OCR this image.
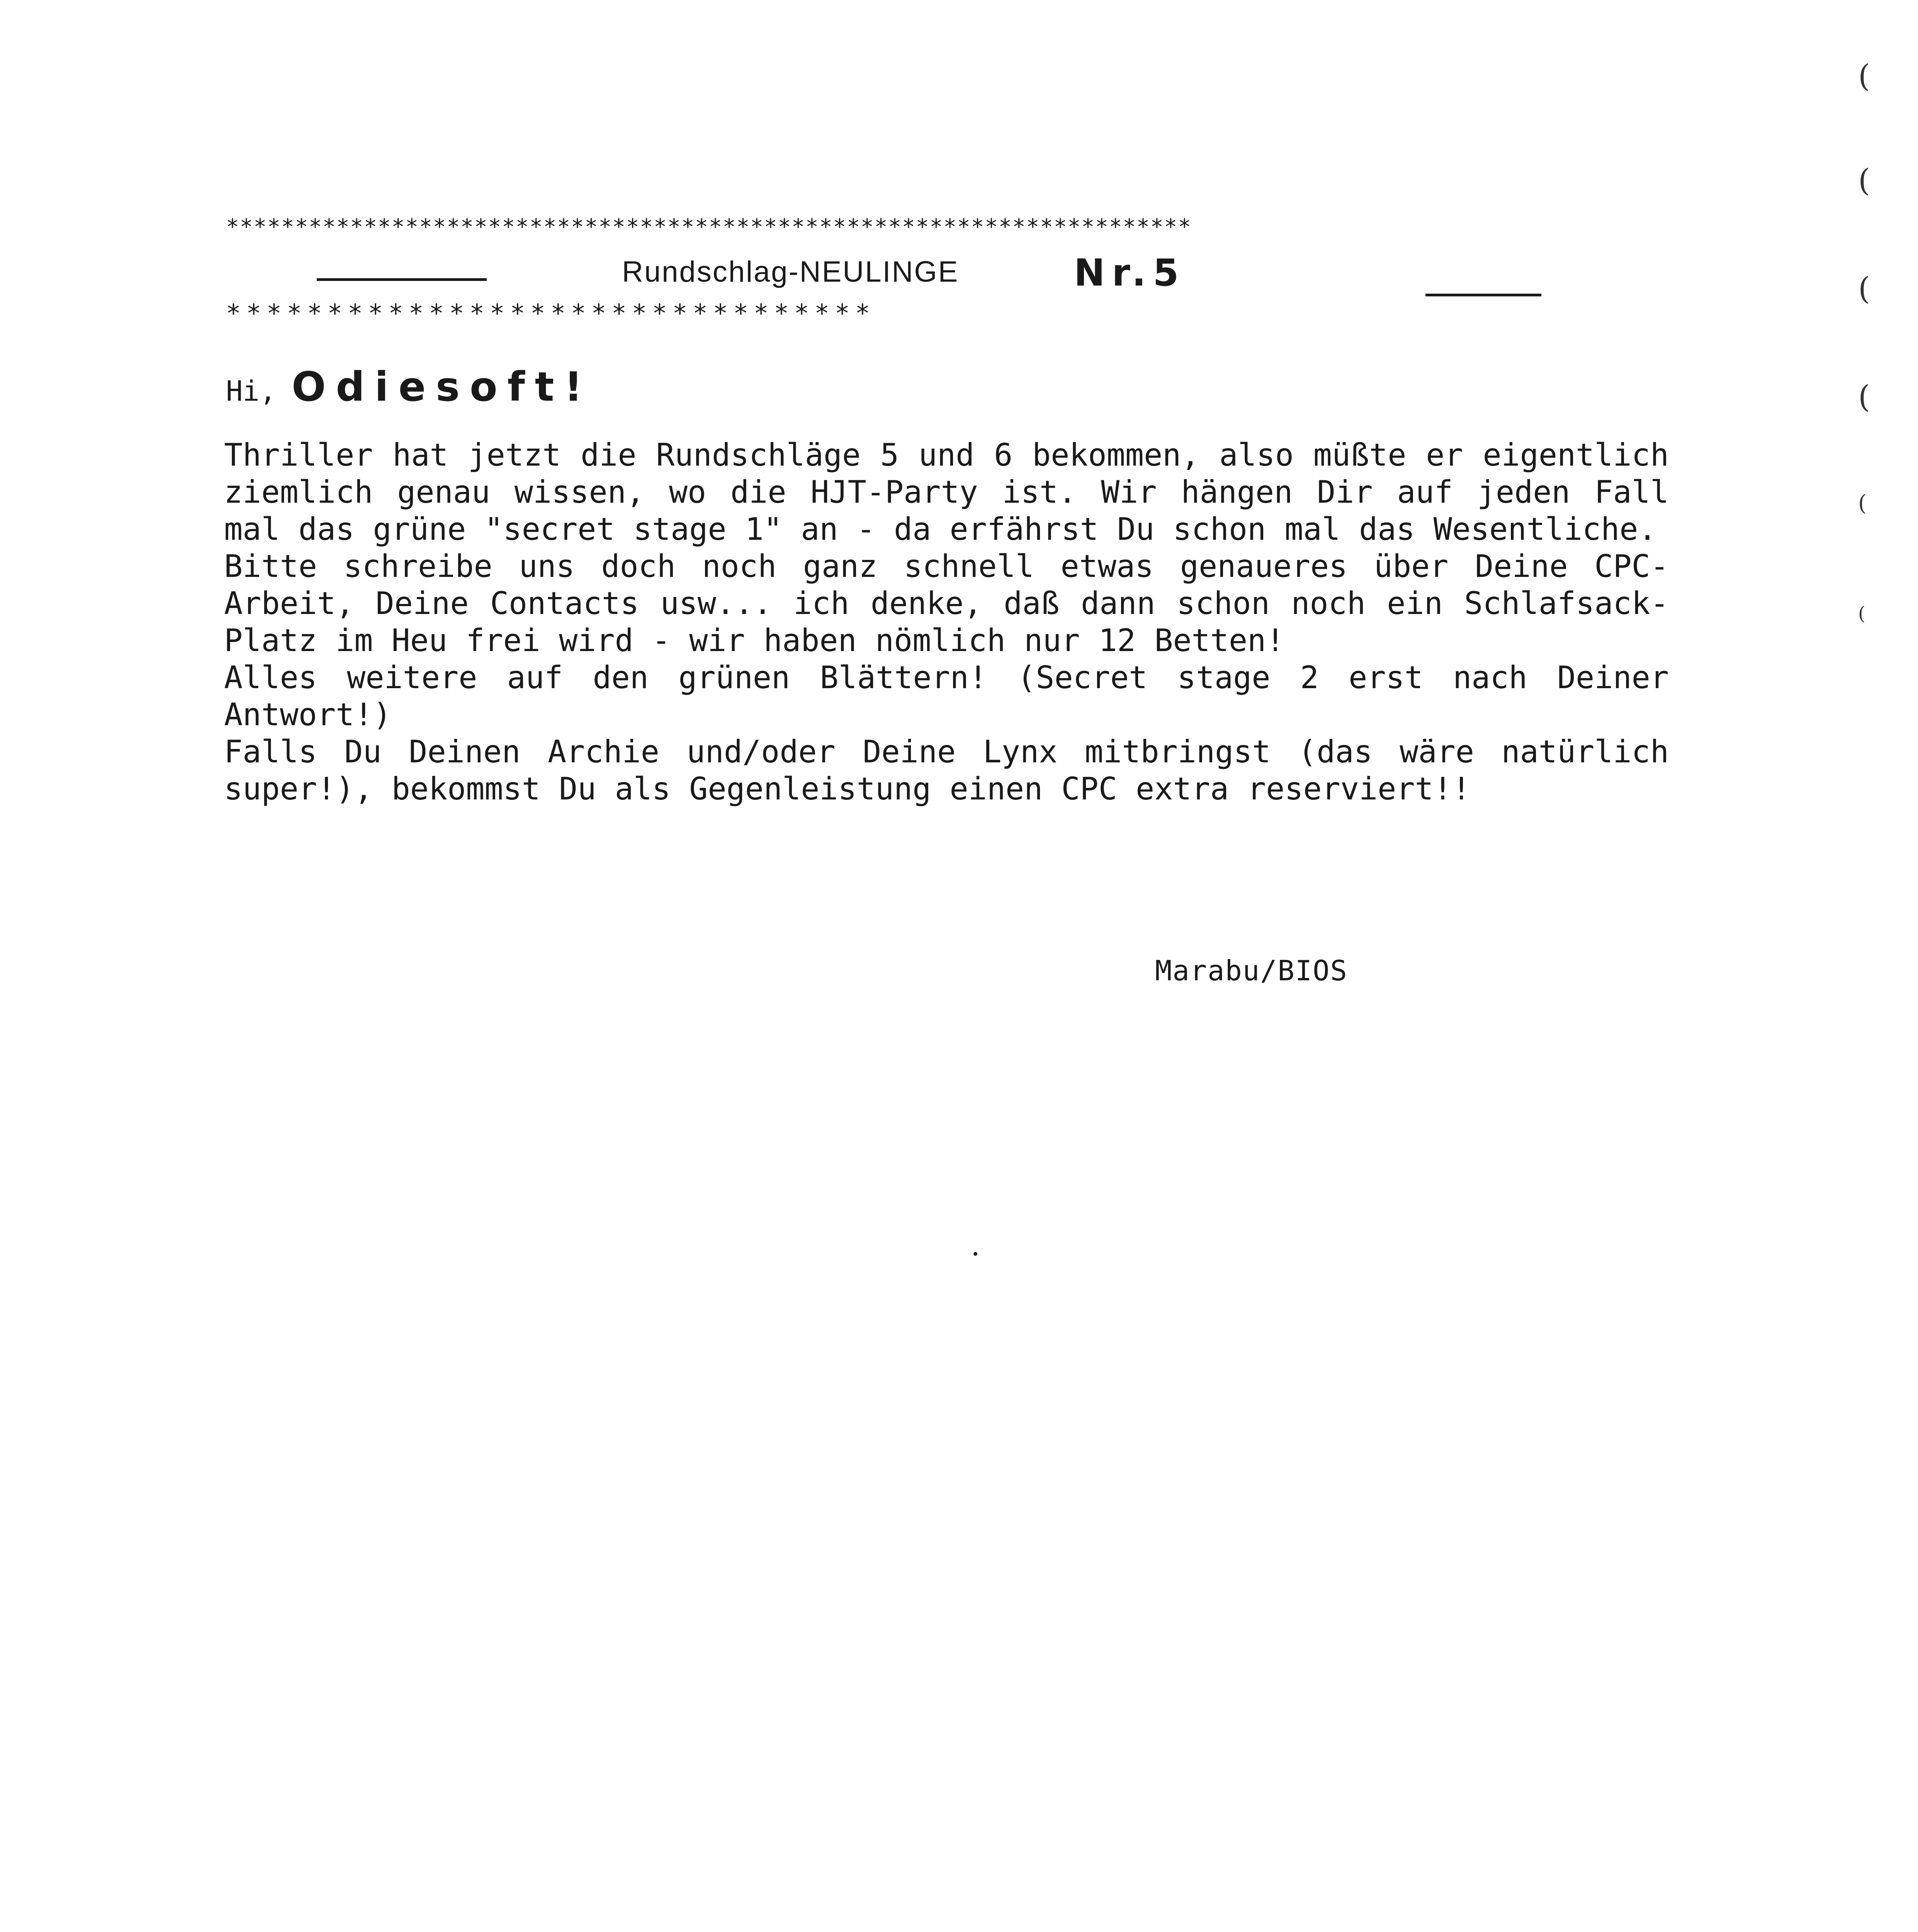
**********************************************************************
Rundschlag-NEULINGE	Nr.5
********************************
Hi, Odiesoft!

Thriller hat jetzt die Rundschläge 5 und 6 bekommen, also müßte er eigentlich ziemlich genau wissen, wo die HJT-Party ist. Wir hängen Dir auf jeden Fall mal das grüne "secret stage 1" an - da erfährst Du schon mal das Wesentliche.

Bitte schreibe uns doch noch ganz schnell etwas genaueres über Deine CPC-Arbeit, Deine Contacts usw... ich denke, daß dann schon noch ein Schlafsack-Platz im Heu frei wird - wir haben nömlich nur 12 Betten!

Alles weitere auf den grünen Blättern! (Secret stage 2 erst nach Deiner Antwort!)

Falls Du Deinen Archie und/oder Deine Lynx mitbringst (das wäre natürlich super!), bekommst Du als Gegenleistung einen CPC extra reserviert!!

Marabu/BIOS
(
(
(
(
(
(
